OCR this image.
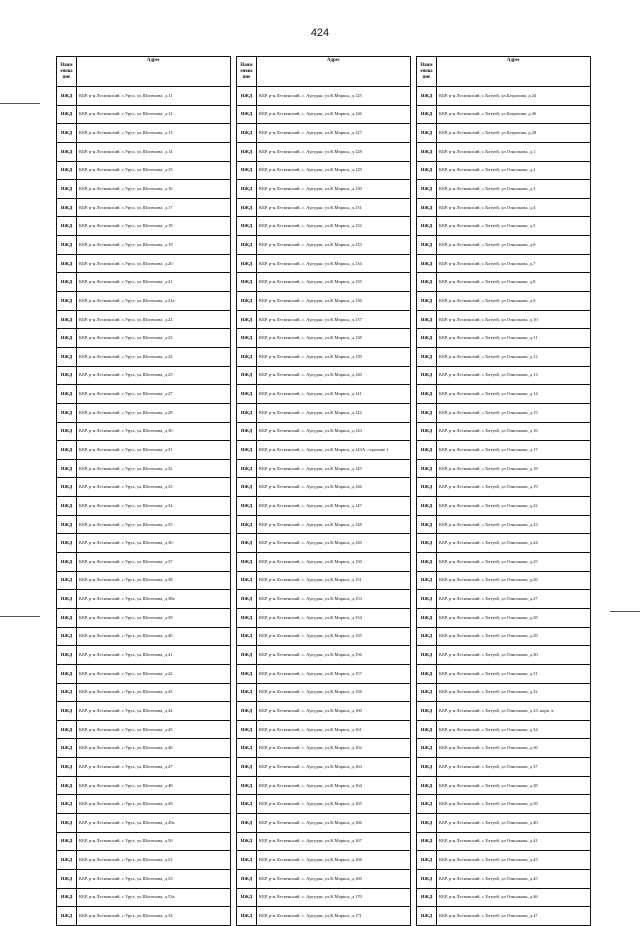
424
Наим енова ние	Адрес
ИЖД	КБР, р-н.Лескенский, с.Урух, ул.Шогенова, д.11
ИЖД	КБР, р-н.Лескенский, с.Урух, ул.Шогенова, д.12
ИЖД	КБР, р-н.Лескенский, с.Урух, ул.Шогенова, д.13
ИЖД	КБР, р-н.Лескенский, с.Урух, ул.Шогенова, д.14
ИЖД	КБР, р-н.Лескенский, с.Урух, ул.Шогенова, д.15
ИЖД	КБР, р-н.Лескенский, с.Урух, ул.Шогенова, д.16
ИЖД	КБР, р-н.Лескенский, с.Урух, ул.Шогенова, д.17
ИЖД	КБР, р-н.Лескенский, с.Урух, ул.Шогенова, д.18
ИЖД	КБР, р-н.Лескенский, с.Урух, ул.Шогенова, д.19
ИЖД	КБР, р-н.Лескенский, с.Урух, ул.Шогенова, д.20
ИЖД	КБР, р-н.Лескенский, с.Урух, ул.Шогенова, д.21
ИЖД	КБР, р-н.Лескенский, с.Урух, ул.Шогенова, д.21а
ИЖД	КБР, р-н.Лескенский, с.Урух, ул.Шогенова, д.22
ИЖД	КБР, р-н.Лескенский, с.Урух, ул.Шогенова, д.23
ИЖД	КБР, р-н.Лескенский, с.Урух, ул.Шогенова, д.24
ИЖД	КБР, р-н.Лескенский, с.Урух, ул.Шогенова, д.25
ИЖД	КБР, р-н.Лескенский, с.Урух, ул.Шогенова, д.27
ИЖД	КБР, р-н.Лескенский, с.Урух, ул.Шогенова, д.28
ИЖД	КБР, р-н.Лескенский, с.Урух, ул.Шогенова, д.30
ИЖД	КБР, р-н.Лескенский, с.Урух, ул.Шогенова, д.31
ИЖД	КБР, р-н.Лескенский, с.Урух, ул.Шогенова, д.32
ИЖД	КБР, р-н.Лескенский, с.Урух, ул.Шогенова, д.33
ИЖД	КБР, р-н.Лескенский, с.Урух, ул.Шогенова, д.34
ИЖД	КБР, р-н.Лескенский, с.Урух, ул.Шогенова, д.35
ИЖД	КБР, р-н.Лескенский, с.Урух, ул.Шогенова, д.36
ИЖД	КБР, р-н.Лескенский, с.Урух, ул.Шогенова, д.37
ИЖД	КБР, р-н.Лескенский, с.Урух, ул.Шогенова, д.38
ИЖД	КБР, р-н.Лескенский, с.Урух, ул.Шогенова, д.38а
ИЖД	КБР, р-н.Лескенский, с.Урух, ул.Шогенова, д.39
ИЖД	КБР, р-н.Лескенский, с.Урух, ул.Шогенова, д.40
ИЖД	КБР, р-н.Лескенский, с.Урух, ул.Шогенова, д.41
ИЖД	КБР, р-н.Лескенский, с.Урух, ул.Шогенова, д.42
ИЖД	КБР, р-н.Лескенский, с.Урух, ул.Шогенова, д.43
ИЖД	КБР, р-н.Лескенский, с.Урух, ул.Шогенова, д.44
ИЖД	КБР, р-н.Лескенский, с.Урух, ул.Шогенова, д.45
ИЖД	КБР, р-н.Лескенский, с.Урух, ул.Шогенова, д.46
ИЖД	КБР, р-н.Лескенский, с.Урух, ул.Шогенова, д.47
ИЖД	КБР, р-н.Лескенский, с.Урух, ул.Шогенова, д.48
ИЖД	КБР, р-н.Лескенский, с.Урух, ул.Шогенова, д.49
ИЖД	КБР, р-н.Лескенский, с.Урух, ул.Шогенова, д.49а
ИЖД	КБР, р-н.Лескенский, с.Урух, ул.Шогенова, д.50
ИЖД	КБР, р-н.Лескенский, с.Урух, ул.Шогенова, д.51
ИЖД	КБР, р-н.Лескенский, с.Урух, ул.Шогенова, д.53
ИЖД	КБР, р-н.Лескенский, с.Урух, ул.Шогенова, д.53а
ИЖД	КБР, р-н.Лескенский, с.Урух, ул.Шогенова, д.54
Наим енова ние	Адрес
ИЖД	КБР, р-н.Лескенский, с. Аргудан, ул.К.Маркса, д.125
ИЖД	КБР, р-н.Лескенский, с. Аргудан, ул.К.Маркса, д.126
ИЖД	КБР, р-н.Лескенский, с. Аргудан, ул.К.Маркса, д.127
ИЖД	КБР, р-н.Лескенский, с. Аргудан, ул.К.Маркса, д.128
ИЖД	КБР, р-н.Лескенский, с. Аргудан, ул.К.Маркса, д.129
ИЖД	КБР, р-н.Лескенский, с. Аргудан, ул.К.Маркса, д.130
ИЖД	КБР, р-н.Лескенский, с. Аргудан, ул.К.Маркса, д.131
ИЖД	КБР, р-н.Лескенский, с. Аргудан, ул.К.Маркса, д.132
ИЖД	КБР, р-н.Лескенский, с. Аргудан, ул.К.Маркса, д.133
ИЖД	КБР, р-н.Лескенский, с. Аргудан, ул.К.Маркса, д.134
ИЖД	КБР, р-н.Лескенский, с. Аргудан, ул.К.Маркса, д.135
ИЖД	КБР, р-н.Лескенский, с. Аргудан, ул.К.Маркса, д.136
ИЖД	КБР, р-н.Лескенский, с. Аргудан, ул.К.Маркса, д.137
ИЖД	КБР, р-н.Лескенский, с. Аргудан, ул.К.Маркса, д.138
ИЖД	КБР, р-н.Лескенский, с. Аргудан, ул.К.Маркса, д.139
ИЖД	КБР, р-н.Лескенский, с. Аргудан, ул.К.Маркса, д.140
ИЖД	КБР, р-н.Лескенский, с. Аргудан, ул.К.Маркса, д.141
ИЖД	КБР, р-н.Лескенский, с. Аргудан, ул.К.Маркса, д.142
ИЖД	КБР, р-н.Лескенский, с. Аргудан, ул.К.Маркса, д.143
ИЖД	КБР, р-н.Лескенский, с. Аргудан, ул.К.Маркса, д.143А, строение 1
ИЖД	КБР, р-н.Лескенский, с. Аргудан, ул.К.Маркса, д.145
ИЖД	КБР, р-н.Лескенский, с. Аргудан, ул.К.Маркса, д.146
ИЖД	КБР, р-н.Лескенский, с. Аргудан, ул.К.Маркса, д.147
ИЖД	КБР, р-н.Лескенский, с. Аргудан, ул.К.Маркса, д.148
ИЖД	КБР, р-н.Лескенский, с. Аргудан, ул.К.Маркса, д.149
ИЖД	КБР, р-н.Лескенский, с. Аргудан, ул.К.Маркса, д.150
ИЖД	КБР, р-н.Лескенский, с. Аргудан, ул.К.Маркса, д.151
ИЖД	КБР, р-н.Лескенский, с. Аргудан, ул.К.Маркса, д.153
ИЖД	КБР, р-н.Лескенский, с. Аргудан, ул.К.Маркса, д.154
ИЖД	КБР, р-н.Лескенский, с. Аргудан, ул.К.Маркса, д.155
ИЖД	КБР, р-н.Лескенский, с. Аргудан, ул.К.Маркса, д.156
ИЖД	КБР, р-н.Лескенский, с. Аргудан, ул.К.Маркса, д.157
ИЖД	КБР, р-н.Лескенский, с. Аргудан, ул.К.Маркса, д.158
ИЖД	КБР, р-н.Лескенский, с. Аргудан, ул.К.Маркса, д.160
ИЖД	КБР, р-н.Лескенский, с. Аргудан, ул.К.Маркса, д.161
ИЖД	КБР, р-н.Лескенский, с. Аргудан, ул.К.Маркса, д.162
ИЖД	КБР, р-н.Лескенский, с. Аргудан, ул.К.Маркса, д.163
ИЖД	КБР, р-н.Лескенский, с. Аргудан, ул.К.Маркса, д.164
ИЖД	КБР, р-н.Лескенский, с. Аргудан, ул.К.Маркса, д.165
ИЖД	КБР, р-н.Лескенский, с. Аргудан, ул.К.Маркса, д.166
ИЖД	КБР, р-н.Лескенский, с. Аргудан, ул.К.Маркса, д.167
ИЖД	КБР, р-н.Лескенский, с. Аргудан, ул.К.Маркса, д.168
ИЖД	КБР, р-н.Лескенский, с. Аргудан, ул.К.Маркса, д.169
ИЖД	КБР, р-н.Лескенский, с. Аргудан, ул.К.Маркса, д.170
ИЖД	КБР, р-н.Лескенский, с. Аргудан, ул.К.Маркса, д.171
Наим енова ние	Адрес
ИЖД	КБР, р-н.Лескенский, с.Хатуей, ул.Батразова, д.24
ИЖД	КБР, р-н.Лескенский, с.Хатуей, ул.Батразова, д.26
ИЖД	КБР, р-н.Лескенский, с.Хатуей, ул.Батразова, д.28
ИЖД	КБР, р-н.Лескенский, с.Хатуей, ул.Озноокова, д.1
ИЖД	КБР, р-н.Лескенский, с.Хатуей, ул.Озноокова, д.2
ИЖД	КБР, р-н.Лескенский, с.Хатуей, ул.Озноокова, д.3
ИЖД	КБР, р-н.Лескенский, с.Хатуей, ул.Озноокова, д.4
ИЖД	КБР, р-н.Лескенский, с.Хатуей, ул.Озноокова, д.5
ИЖД	КБР, р-н.Лескенский, с.Хатуей, ул.Озноокова, д.6
ИЖД	КБР, р-н.Лескенский, с.Хатуей, ул.Озноокова, д.7
ИЖД	КБР, р-н.Лескенский, с.Хатуей, ул.Озноокова, д.8
ИЖД	КБР, р-н.Лескенский, с.Хатуей, ул.Озноокова, д.9
ИЖД	КБР, р-н.Лескенский, с.Хатуей, ул.Озноокова, д.10
ИЖД	КБР, р-н.Лескенский, с.Хатуей, ул.Озноокова, д.11
ИЖД	КБР, р-н.Лескенский, с.Хатуей, ул.Озноокова, д.12
ИЖД	КБР, р-н.Лескенский, с.Хатуей, ул.Озноокова, д.13
ИЖД	КБР, р-н.Лескенский, с.Хатуей, ул.Озноокова, д.14
ИЖД	КБР, р-н.Лескенский, с.Хатуей, ул.Озноокова, д.15
ИЖД	КБР, р-н.Лескенский, с.Хатуей, ул.Озноокова, д.16
ИЖД	КБР, р-н.Лескенский, с.Хатуей, ул.Озноокова, д.17
ИЖД	КБР, р-н.Лескенский, с.Хатуей, ул.Озноокова, д.18
ИЖД	КБР, р-н.Лескенский, с.Хатуей, ул.Озноокова, д.19
ИЖД	КБР, р-н.Лескенский, с.Хатуей, ул.Озноокова, д.22
ИЖД	КБР, р-н.Лескенский, с.Хатуей, ул.Озноокова, д.23
ИЖД	КБР, р-н.Лескенский, с.Хатуей, ул.Озноокова, д.24
ИЖД	КБР, р-н.Лескенский, с.Хатуей, ул.Озноокова, д.25
ИЖД	КБР, р-н.Лескенский, с.Хатуей, ул.Озноокова, д.26
ИЖД	КБР, р-н.Лескенский, с.Хатуей, ул.Озноокова, д.27
ИЖД	КБР, р-н.Лескенский, с.Хатуей, ул.Озноокова, д.28
ИЖД	КБР, р-н.Лескенский, с.Хатуей, ул.Озноокова, д.29
ИЖД	КБР, р-н.Лескенский, с.Хатуей, ул.Озноокова, д.30
ИЖД	КБР, р-н.Лескенский, с.Хатуей, ул.Озноокова, д.31
ИЖД	КБР, р-н.Лескенский, с.Хатуей, ул.Озноокова, д.32
ИЖД	КБР, р-н.Лескенский, с.Хатуей, ул.Озноокова, д.33, корп. в
ИЖД	КБР, р-н.Лескенский, с.Хатуей, ул.Озноокова, д.34
ИЖД	КБР, р-н.Лескенский, с.Хатуей, ул.Озноокова, д.36
ИЖД	КБР, р-н.Лескенский, с.Хатуей, ул.Озноокова, д.37
ИЖД	КБР, р-н.Лескенский, с.Хатуей, ул.Озноокова, д.38
ИЖД	КБР, р-н.Лескенский, с.Хатуей, ул.Озноокова, д.39
ИЖД	КБР, р-н.Лескенский, с.Хатуей, ул.Озноокова, д.40
ИЖД	КБР, р-н.Лескенский, с.Хатуей, ул.Озноокова, д.41
ИЖД	КБР, р-н.Лескенский, с.Хатуей, ул.Озноокова, д.43
ИЖД	КБР, р-н.Лескенский, с.Хатуей, ул.Озноокова, д.45
ИЖД	КБР, р-н.Лескенский, с.Хатуей, ул.Озноокова, д.46
ИЖД	КБР, р-н.Лескенский, с.Хатуей, ул.Озноокова, д.47
